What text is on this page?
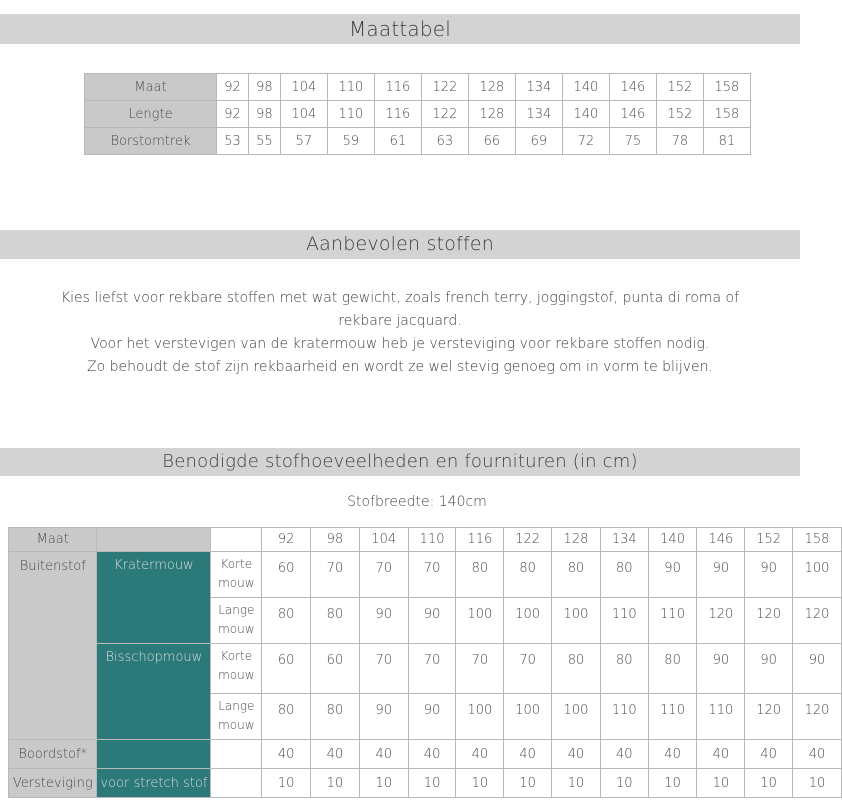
Maattabel
Maat	92	98	104	110	116	122	128	134	140	146	152	158
Lengte	92	98	104	110	116	122	128	134	140	146	152	158
Borstomtrek	53	55	57	59	61	63	66	69	72	75	78	81
Aanbevolen stoffen

Kies liefst voor rekbare stoffen met wat gewicht, zoals french terry, joggingstof, punta di roma of rekbare jacquard.

Voor het verstevigen van de kratermouw heb je versteviging voor rekbare stoffen nodig.

Zo behoudt de stof zijn rekbaarheid en wordt ze wel stevig genoeg om in vorm te blijven.

Benodigde stofhoeveelheden en fournituren (in cm)
Stofbreedte: 140cm
Maat			92	98	104	110	116	122	128	134	140	146	152	158
Buitenstof	Kratermouw	Korte mouw	60	70	70	70	80	80	80	80	90	90	90	100
		Lange mouw	80	80	90	90	100	100	100	110	110	120	120	120
	Bisschopmouw	Korte mouw	60	60	70	70	70	70	80	80	80	90	90	90
		Lange mouw	80	80	90	90	100	100	100	110	110	110	120	120
Boordstof*			40	40	40	40	40	40	40	40	40	40	40	40
Versteviging	voor stretch stof		10	10	10	10	10	10	10	10	10	10	10	10
